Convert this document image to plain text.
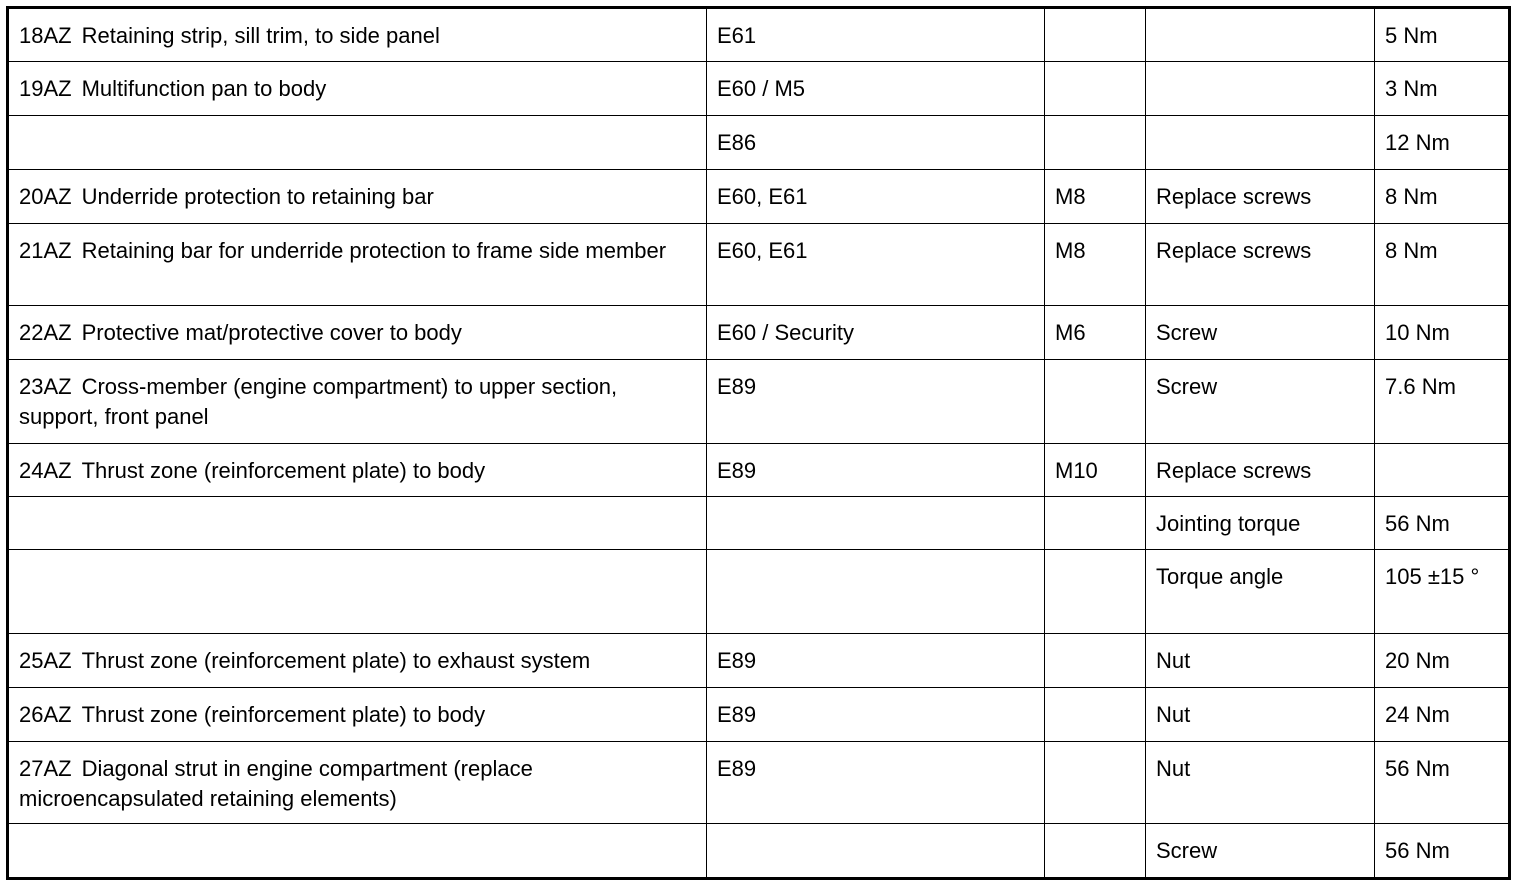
18AZ Retaining strip, sill trim, to side panel	E61			5 Nm
19AZ Multifunction pan to body	E60 / M5			3 Nm
	E86			12 Nm
20AZ Underride protection to retaining bar	E60, E61	M8	Replace screws	8 Nm
21AZ Retaining bar for underride protection to frame side member	E60, E61	M8	Replace screws	8 Nm
22AZ Protective mat/protective cover to body	E60 / Security	M6	Screw	10 Nm
23AZ Cross-member (engine compartment) to upper section, support, front panel	E89		Screw	7.6 Nm
24AZ Thrust zone (reinforcement plate) to body	E89	M10	Replace screws	
			Jointing torque	56 Nm
			Torque angle	105 ±15 °
25AZ Thrust zone (reinforcement plate) to exhaust system	E89		Nut	20 Nm
26AZ Thrust zone (reinforcement plate) to body	E89		Nut	24 Nm
27AZ Diagonal strut in engine compartment (replace microencapsulated retaining elements)	E89		Nut	56 Nm
			Screw	56 Nm
